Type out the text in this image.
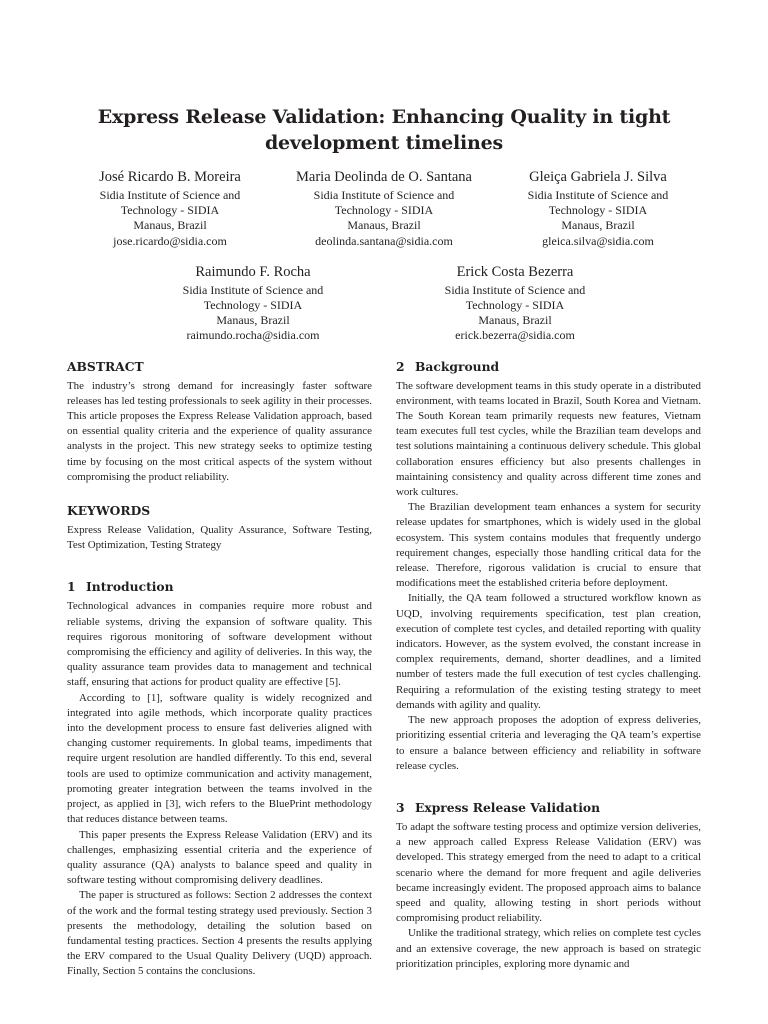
Express Release Validation: Enhancing Quality in tight
development timelines
José Ricardo B. Moreira
Sidia Institute of Science and
Technology - SIDIA
Manaus, Brazil
jose.ricardo@sidia.com
Maria Deolinda de O. Santana
Sidia Institute of Science and
Technology - SIDIA
Manaus, Brazil
deolinda.santana@sidia.com
Gleiça Gabriela J. Silva
Sidia Institute of Science and
Technology - SIDIA
Manaus, Brazil
gleica.silva@sidia.com
Raimundo F. Rocha
Sidia Institute of Science and
Technology - SIDIA
Manaus, Brazil
raimundo.rocha@sidia.com
Erick Costa Bezerra
Sidia Institute of Science and
Technology - SIDIA
Manaus, Brazil
erick.bezerra@sidia.com
ABSTRACT

The industry’s strong demand for increasingly faster software releases has led testing professionals to seek agility in their processes. This article proposes the Express Release Validation approach, based on essential quality criteria and the experience of quality assurance analysts in the project. This new strategy seeks to optimize testing time by focusing on the most critical aspects of the system without compromising the product reliability.

KEYWORDS

Express Release Validation, Quality Assurance, Software Testing, Test Optimization, Testing Strategy

1 Introduction

Technological advances in companies require more robust and reliable systems, driving the expansion of software quality. This requires rigorous monitoring of software development without compromising the efficiency and agility of deliveries. In this way, the quality assurance team provides data to management and technical staff, ensuring that actions for product quality are effective [5].

According to [1], software quality is widely recognized and integrated into agile methods, which incorporate quality practices into the development process to ensure fast deliveries aligned with changing customer requirements. In global teams, impediments that require urgent resolution are handled differently. To this end, several tools are used to optimize communication and activity management, promoting greater integration between the teams involved in the project, as applied in [3], wich refers to the BluePrint methodology that reduces distance between teams.

This paper presents the Express Release Validation (ERV) and its challenges, emphasizing essential criteria and the experience of quality assurance (QA) analysts to balance speed and quality in software testing without compromising delivery deadlines.

The paper is structured as follows: Section 2 addresses the context of the work and the formal testing strategy used previously. Section 3 presents the methodology, detailing the solution based on fundamental testing practices. Section 4 presents the results applying the ERV compared to the Usual Quality Delivery (UQD) approach. Finally, Section 5 contains the conclusions.

2 Background

The software development teams in this study operate in a distributed environment, with teams located in Brazil, South Korea and Vietnam. The South Korean team primarily requests new features, Vietnam team executes full test cycles, while the Brazilian team develops and test solutions maintaining a continuous delivery schedule. This global collaboration ensures efficiency but also presents challenges in maintaining consistency and quality across different time zones and work cultures.

The Brazilian development team enhances a system for security release updates for smartphones, which is widely used in the global ecosystem. This system contains modules that frequently undergo requirement changes, especially those handling critical data for the release. Therefore, rigorous validation is crucial to ensure that modifications meet the established criteria before deployment.

Initially, the QA team followed a structured workflow known as UQD, involving requirements specification, test plan creation, execution of complete test cycles, and detailed reporting with quality indicators. However, as the system evolved, the constant increase in complex requirements, demand, shorter deadlines, and a limited number of testers made the full execution of test cycles challenging. Requiring a reformulation of the existing testing strategy to meet demands with agility and quality.

The new approach proposes the adoption of express deliveries, prioritizing essential criteria and leveraging the QA team’s expertise to ensure a balance between efficiency and reliability in software release cycles.

3 Express Release Validation

To adapt the software testing process and optimize version deliveries, a new approach called Express Release Validation (ERV) was developed. This strategy emerged from the need to adapt to a critical scenario where the demand for more frequent and agile deliveries became increasingly evident. The proposed approach aims to balance speed and quality, allowing testing in short periods without compromising product reliability.

Unlike the traditional strategy, which relies on complete test cycles and an extensive coverage, the new approach is based on strategic prioritization principles, exploring more dynamic and
